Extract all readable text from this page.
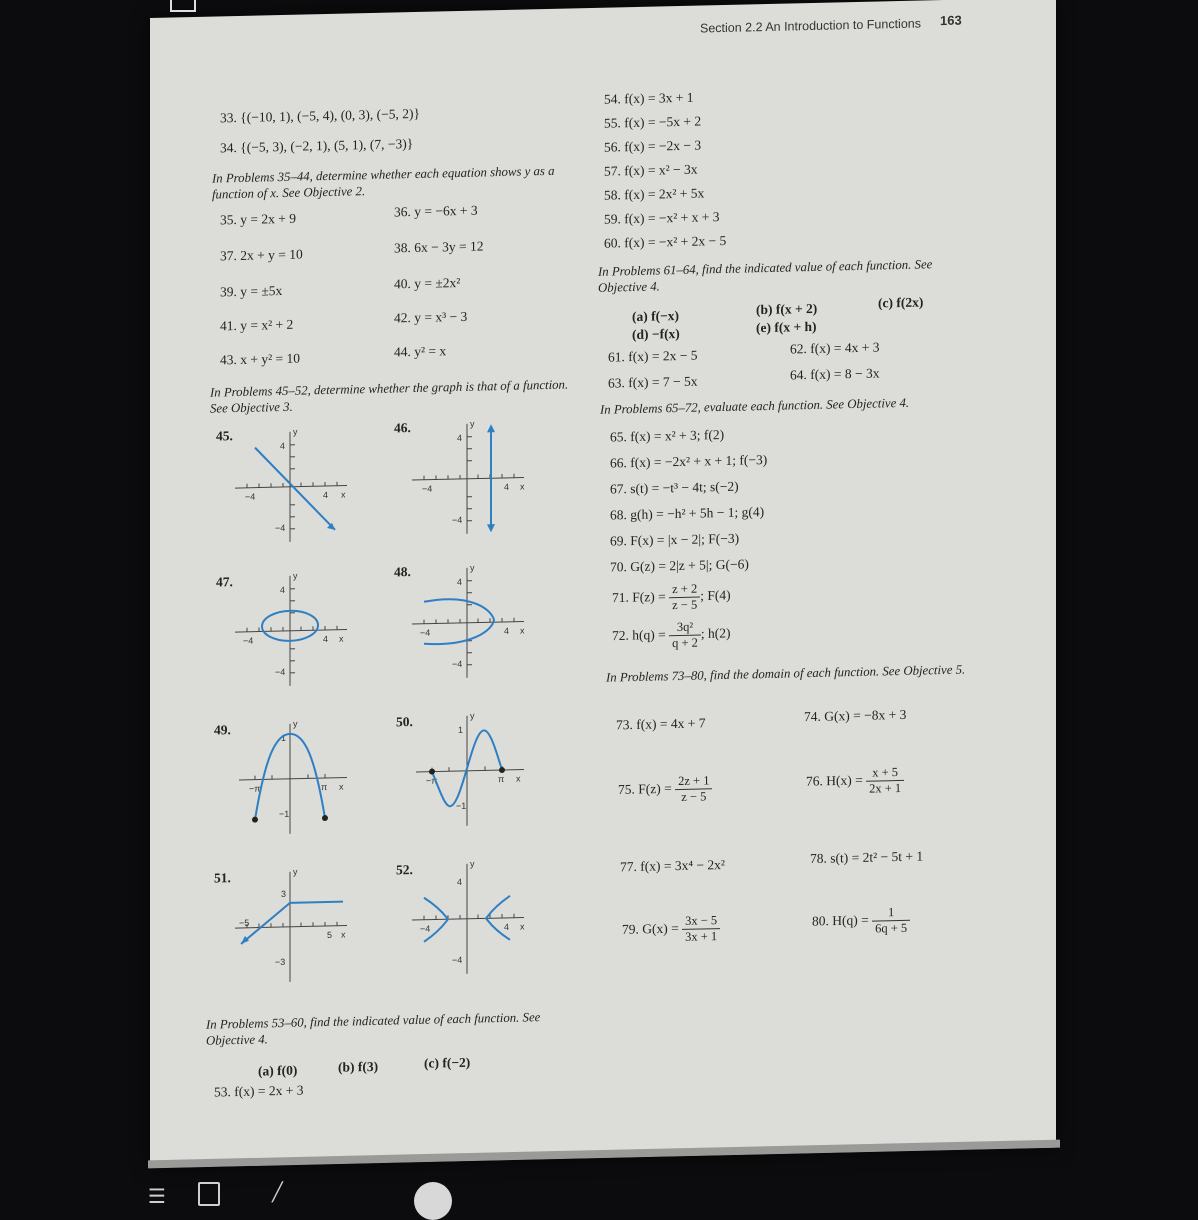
Section 2.2 An Introduction to Functions 163
33. {(−10, 1), (−5, 4), (0, 3), (−5, 2)}
34. {(−5, 3), (−2, 1), (5, 1), (7, −3)}
In Problems 35–44, determine whether each equation shows y as a function of x. See Objective 2.
35. y = 2x + 9	36. y = −6x + 3
37. 2x + y = 10	38. 6x − 3y = 12
39. y = ±5x	40. y = ±2x²
41. y = x² + 2	42. y = x³ − 3
43. x + y² = 10	44. y² = x
In Problems 45–52, determine whether the graph is that of a function. See Objective 3.
45.
46.
47.
48.
49.
50.
51.
52.
−4	4 x
y
4
−4
−4	4 x
y
4
−4
−4	4 x
y
4
−4
−4	4 x
y
4
−4
−π	π x
y
1
−1
−π	π x
y
1
−1
−5
5 x
y
3
−3
−4	4 x
y
4
−4
In Problems 53–60, find the indicated value of each function. See Objective 4.
(a) f(0)	(b) f(3)	(c) f(−2)
53. f(x) = 2x + 3
54. f(x) = 3x + 1
55. f(x) = −5x + 2
56. f(x) = −2x − 3
57. f(x) = x² − 3x
58. f(x) = 2x² + 5x
59. f(x) = −x² + x + 3
60. f(x) = −x² + 2x − 5
In Problems 61–64, find the indicated value of each function. See Objective 4.
(a) f(−x)	(b) f(x + 2)	(c) f(2x)
(d) −f(x)	(e) f(x + h)
61. f(x) = 2x − 5	62. f(x) = 4x + 3
63. f(x) = 7 − 5x	64. f(x) = 8 − 3x
In Problems 65–72, evaluate each function. See Objective 4.
65. f(x) = x² + 3; f(2)
66. f(x) = −2x² + x + 1; f(−3)
67. s(t) = −t³ − 4t; s(−2)
68. g(h) = −h² + 5h − 1; g(4)
69. F(x) = |x − 2|; F(−3)
70. G(z) = 2|z + 5|; G(−6)
71. $F(z) = \frac{z + 2}{z - 5}$ ; F(4)
72. $h(q) = \frac{\text{3q²}}{q + 2}$ ; h(2)
In Problems 73–80, find the domain of each function. See Objective 5.
73. f(x) = 4x + 7	74. G(x) = −8x + 3
75. $F(z) = \frac{2z + 1}{z - 5}$	76. $H(x) = \frac{x + 5}{2x + 1}$
77. f(x) = 3x⁴ − 2x²	78. s(t) = 2t² − 5t + 1
79. $G(x) = \frac{3x - 5}{3x + 1}$	80. $H(q) = \frac{1}{6q + 5}$
☰	╱
